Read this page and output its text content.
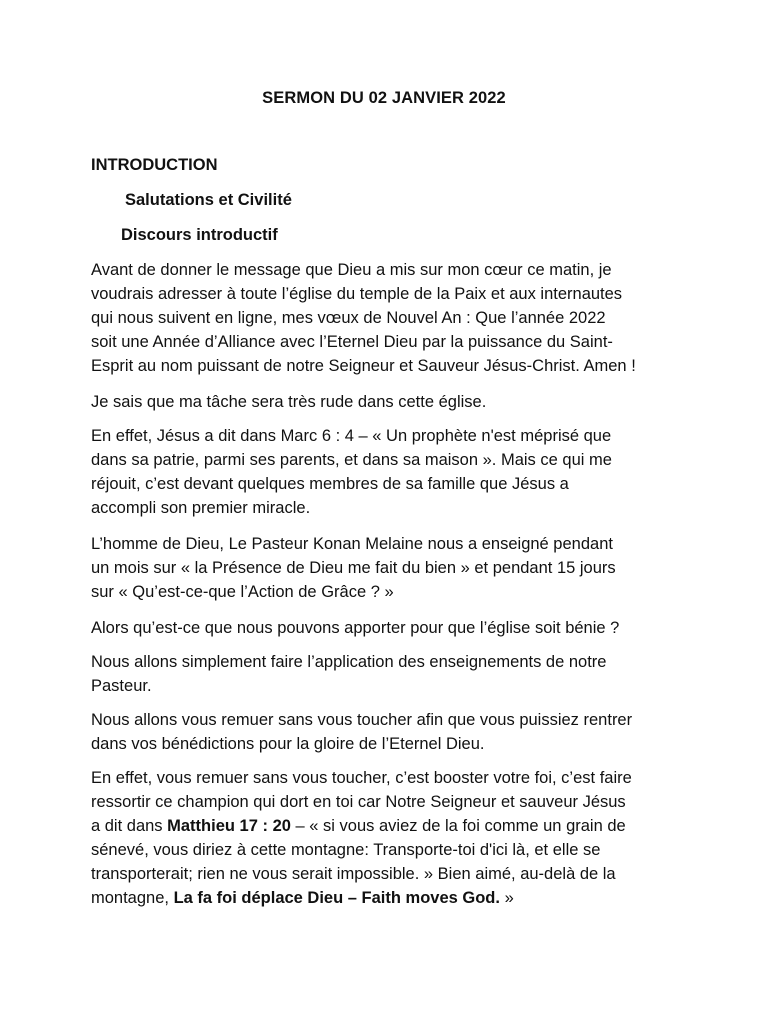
SERMON DU 02 JANVIER 2022
INTRODUCTION
Salutations et Civilité
Discours introductif

Avant de donner le message que Dieu a mis sur mon cœur ce matin, je
voudrais adresser à toute l’église du temple de la Paix et aux internautes
qui nous suivent en ligne, mes vœux de Nouvel An : Que l’année 2022
soit une Année d’Alliance avec l’Eternel Dieu par la puissance du Saint-
Esprit au nom puissant de notre Seigneur et Sauveur Jésus-Christ. Amen !

Je sais que ma tâche sera très rude dans cette église.

En effet, Jésus a dit dans Marc 6 : 4 – « Un prophète n'est méprisé que
dans sa patrie, parmi ses parents, et dans sa maison ». Mais ce qui me
réjouit, c’est devant quelques membres de sa famille que Jésus a
accompli son premier miracle.

L’homme de Dieu, Le Pasteur Konan Melaine nous a enseigné pendant
un mois sur « la Présence de Dieu me fait du bien » et pendant 15 jours
sur « Qu’est-ce-que l’Action de Grâce ? »

Alors qu’est-ce que nous pouvons apporter pour que l’église soit bénie ?

Nous allons simplement faire l’application des enseignements de notre
Pasteur.

Nous allons vous remuer sans vous toucher afin que vous puissiez rentrer
dans vos bénédictions pour la gloire de l’Eternel Dieu.

En effet, vous remuer sans vous toucher, c’est booster votre foi, c’est faire
ressortir ce champion qui dort en toi car Notre Seigneur et sauveur Jésus
a dit dans Matthieu 17 : 20 – « si vous aviez de la foi comme un grain de
sénevé, vous diriez à cette montagne: Transporte-toi d'ici là, et elle se
transporterait; rien ne vous serait impossible. » Bien aimé, au-delà de la
montagne, La fa foi déplace Dieu – Faith moves God. »
